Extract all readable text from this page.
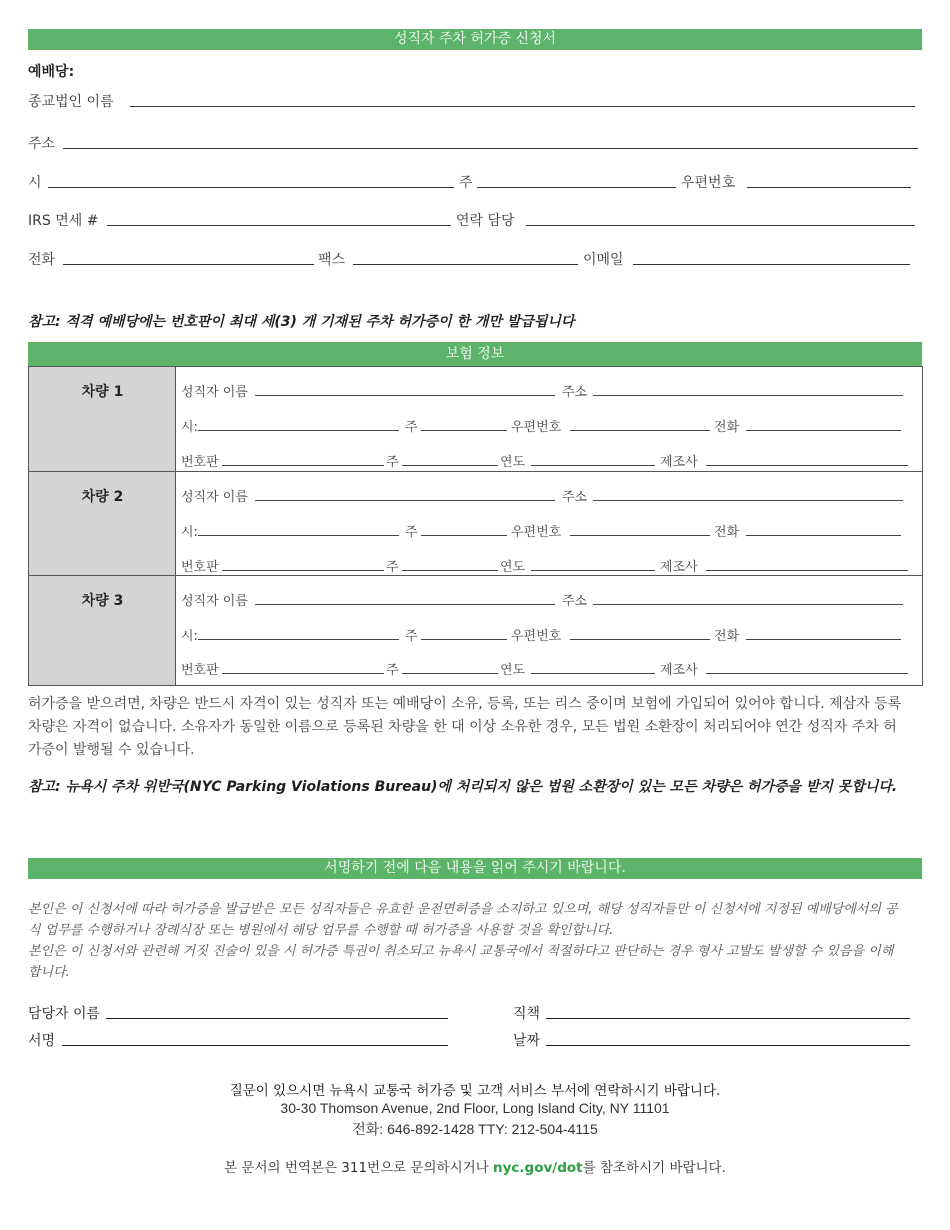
성직자 주차 허가증 신청서
예배당:
종교법인 이름
주소
시	주	우편번호
IRS 면세 #	연락 담당
전화	팩스	이메일
참고: 적격 예배당에는 번호판이 최대 세(3) 개 기재된 주차 허가증이 한 개만 발급됩니다
보험 정보
차량 1	성직자 이름	주소
시:	주	우편번호	전화
번호판	주	연도	제조사
차량 2	성직자 이름	주소
시:	주	우편번호	전화
번호판	주	연도	제조사
차량 3	성직자 이름	주소
시:	주	우편번호	전화
번호판	주	연도	제조사
허가증을 받으려면, 차량은 반드시 자격이 있는 성직자 또는 예배당이 소유, 등록, 또는 리스 중이며 보험에 가입되어 있어야 합니다. 제삼자 등록 차량은 자격이 없습니다. 소유자가 동일한 이름으로 등록된 차량을 한 대 이상 소유한 경우, 모든 법원 소환장이 처리되어야 연간 성직자 주차 허가증이 발행될 수 있습니다.
참고: 뉴욕시 주차 위반국(NYC Parking Violations Bureau)에 처리되지 않은 법원 소환장이 있는 모든 차량은 허가증을 받지 못합니다.
서명하기 전에 다음 내용을 읽어 주시기 바랍니다.
본인은 이 신청서에 따라 허가증을 발급받은 모든 성직자들은 유효한 운전면허증을 소지하고 있으며, 해당 성직자들만 이 신청서에 지정된 예배당에서의 공식 업무를 수행하거나 장례식장 또는 병원에서 해당 업무를 수행할 때 허가증을 사용할 것을 확인합니다.
본인은 이 신청서와 관련해 거짓 진술이 있을 시 허가증 특권이 취소되고 뉴욕시 교통국에서 적절하다고 판단하는 경우 형사 고발도 발생할 수 있음을 이해합니다.
담당자 이름	직책
서명	날짜
질문이 있으시면 뉴욕시 교통국 허가증 및 고객 서비스 부서에 연락하시기 바랍니다.
30-30 Thomson Avenue, 2nd Floor, Long Island City, NY 11101
전화: 646-892-1428 TTY: 212-504-4115
본 문서의 번역본은 311번으로 문의하시거나 nyc.gov/dot를 참조하시기 바랍니다.
